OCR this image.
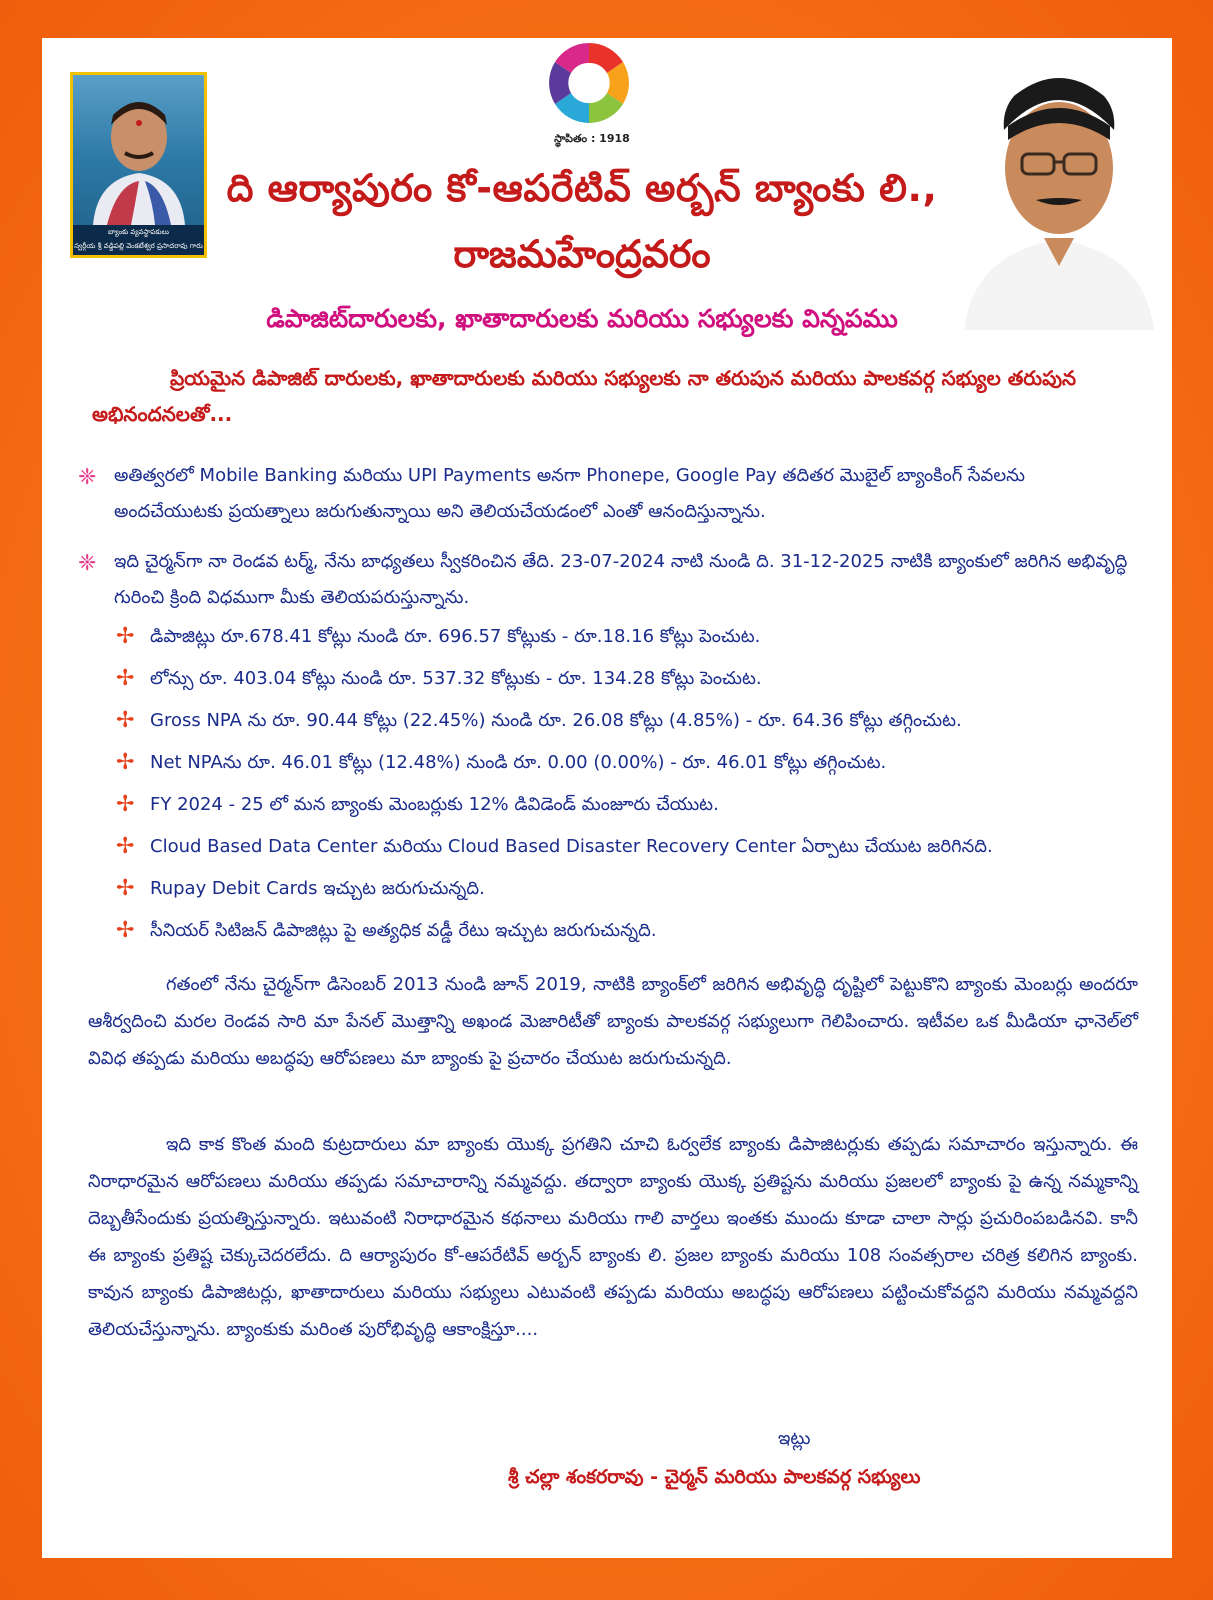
బ్యాంకు వ్యవస్థాపకులు
స్వర్గీయ శ్రీ వడ్డిపల్లి వెంకటేశ్వర ప్రసాదరావు గారు
స్థాపితం : 1918
ది ఆర్యాపురం కో-ఆపరేటివ్ అర్బన్ బ్యాంకు లి.,
రాజమహేంద్రవరం
డిపాజిట్‌దారులకు, ఖాతాదారులకు మరియు సభ్యులకు విన్నపము
ప్రియమైన డిపాజిట్ దారులకు, ఖాతాదారులకు మరియు సభ్యులకు నా తరుపున మరియు పాలకవర్గ సభ్యుల తరుపున అభినందనలతో...
❈ అతిత్వరలో Mobile Banking మరియు UPI Payments అనగా Phonepe, Google Pay తదితర మొబైల్ బ్యాంకింగ్ సేవలను అందచేయుటకు ప్రయత్నాలు జరుగుతున్నాయి అని తెలియచేయడంలో ఎంతో ఆనందిస్తున్నాను.
❈ ఇది చైర్మన్‌గా నా రెండవ టర్మ్, నేను బాధ్యతలు స్వీకరించిన తేది. 23-07-2024 నాటి నుండి ది. 31-12-2025 నాటికి బ్యాంకులో జరిగిన అభివృద్ధి గురించి క్రింది విధముగా మీకు తెలియపరుస్తున్నాను.
✢ డిపాజిట్లు రూ.678.41 కోట్లు నుండి రూ. 696.57 కోట్లుకు - రూ.18.16 కోట్లు పెంచుట.
✢ లోన్సు రూ. 403.04 కోట్లు నుండి రూ. 537.32 కోట్లుకు - రూ. 134.28 కోట్లు పెంచుట.
✢ Gross NPA ను రూ. 90.44 కోట్లు (22.45%) నుండి రూ. 26.08 కోట్లు (4.85%) - రూ. 64.36 కోట్లు తగ్గించుట.
✢ Net NPAను రూ. 46.01 కోట్లు (12.48%) నుండి రూ. 0.00 (0.00%) - రూ. 46.01 కోట్లు తగ్గించుట.
✢ FY 2024 - 25 లో మన బ్యాంకు మెంబర్లుకు 12% డివిడెండ్ మంజూరు చేయుట.
✢ Cloud Based Data Center మరియు Cloud Based Disaster Recovery Center ఏర్పాటు చేయుట జరిగినది.
✢ Rupay Debit Cards ఇచ్చుట జరుగుచున్నది.
✢ సీనియర్ సిటిజన్ డిపాజిట్లు పై అత్యధిక వడ్డీ రేటు ఇచ్చుట జరుగుచున్నది.
గతంలో నేను చైర్మన్‌గా డిసెంబర్ 2013 నుండి జూన్ 2019, నాటికి బ్యాంక్‌లో జరిగిన అభివృద్ధి దృష్టిలో పెట్టుకొని బ్యాంకు మెంబర్లు అందరూ ఆశీర్వదించి మరల రెండవ సారి మా పేనల్ మొత్తాన్ని అఖండ మెజారిటీతో బ్యాంకు పాలకవర్గ సభ్యులుగా గెలిపించారు. ఇటీవల ఒక మీడియా ఛానెల్‌లో వివిధ తప్పడు మరియు అబద్ధపు ఆరోపణలు మా బ్యాంకు పై ప్రచారం చేయుట జరుగుచున్నది.
ఇది కాక కొంత మంది కుట్రదారులు మా బ్యాంకు యొక్క ప్రగతిని చూచి ఓర్వలేక బ్యాంకు డిపాజిటర్లుకు తప్పడు సమాచారం ఇస్తున్నారు. ఈ నిరాధారమైన ఆరోపణలు మరియు తప్పడు సమాచారాన్ని నమ్మవద్దు. తద్వారా బ్యాంకు యొక్క ప్రతిష్టను మరియు ప్రజలలో బ్యాంకు పై ఉన్న నమ్మకాన్ని దెబ్బతీసేందుకు ప్రయత్నిస్తున్నారు. ఇటువంటి నిరాధారమైన కథనాలు మరియు గాలి వార్తలు ఇంతకు ముందు కూడా చాలా సార్లు ప్రచురింపబడినవి. కానీ ఈ బ్యాంకు ప్రతిష్ట చెక్కుచెదరలేదు. ది ఆర్యాపురం కో-ఆపరేటివ్ అర్బన్ బ్యాంకు లి. ప్రజల బ్యాంకు మరియు 108 సంవత్సరాల చరిత్ర కలిగిన బ్యాంకు. కావున బ్యాంకు డిపాజిటర్లు, ఖాతాదారులు మరియు సభ్యులు ఎటువంటి తప్పడు మరియు అబద్ధపు ఆరోపణలు పట్టించుకోవద్దని మరియు నమ్మవద్దని తెలియచేస్తున్నాను. బ్యాంకుకు మరింత పురోభివృద్ధి ఆకాంక్షిస్తూ....
ఇట్లు
శ్రీ చల్లా శంకరరావు - చైర్మన్ మరియు పాలకవర్గ సభ్యులు
